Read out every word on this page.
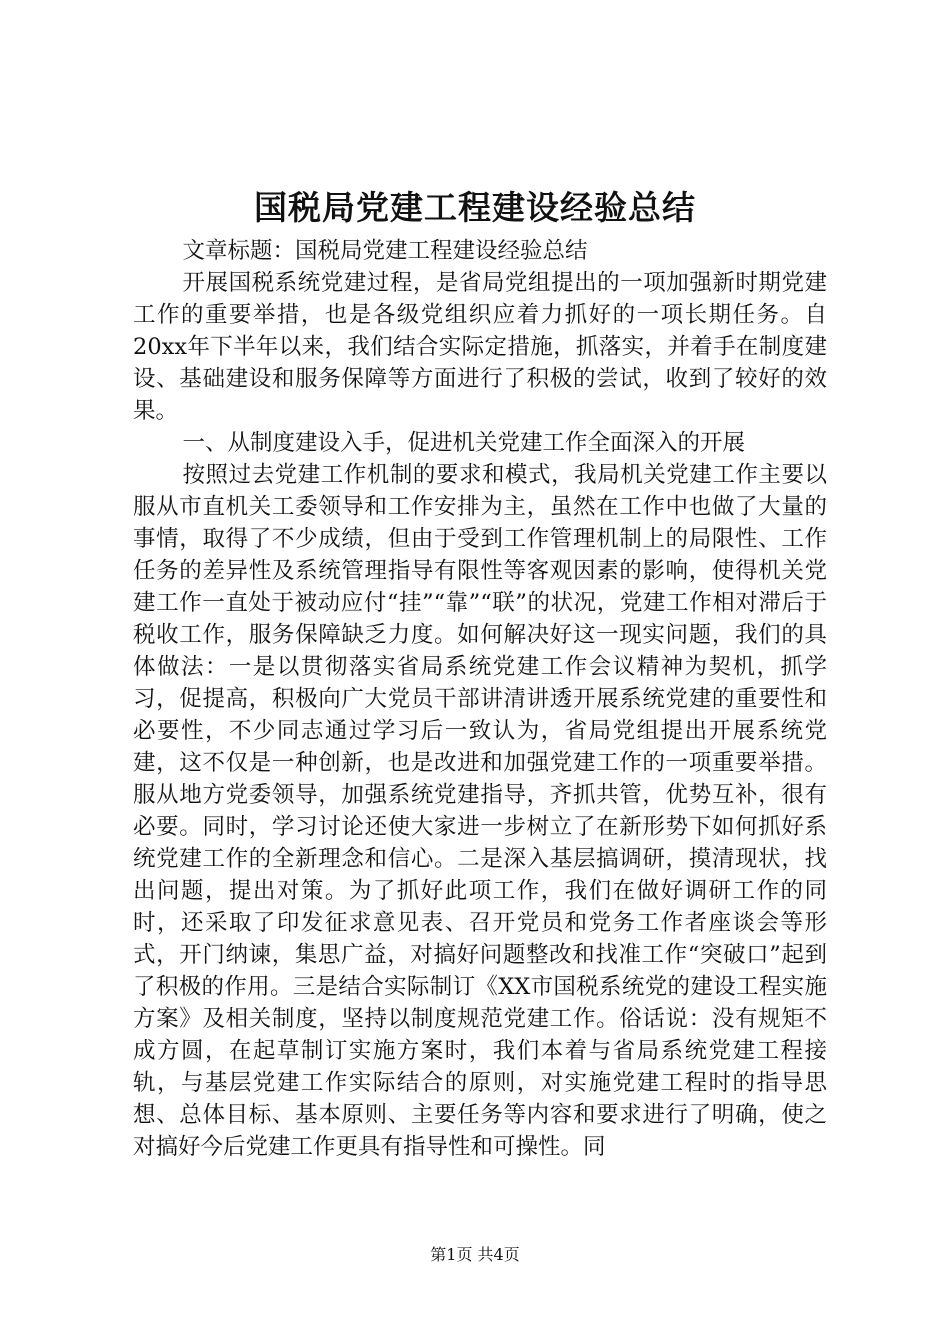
国税局党建工程建设经验总结

文章标题：国税局党建工程建设经验总结

开展国税系统党建过程，是省局党组提出的一项加强新时期党建工作的重要举措，也是各级党组织应着力抓好的一项长期任务。自20xx年下半年以来，我们结合实际定措施，抓落实，并着手在制度建设、基础建设和服务保障等方面进行了积极的尝试，收到了较好的效果。

一、从制度建设入手，促进机关党建工作全面深入的开展

按照过去党建工作机制的要求和模式，我局机关党建工作主要以服从市直机关工委领导和工作安排为主，虽然在工作中也做了大量的事情，取得了不少成绩，但由于受到工作管理机制上的局限性、工作任务的差异性及系统管理指导有限性等客观因素的影响，使得机关党建工作一直处于被动应付“挂”“靠”“联”的状况，党建工作相对滞后于税收工作，服务保障缺乏力度。如何解决好这一现实问题，我们的具体做法：一是以贯彻落实省局系统党建工作会议精神为契机，抓学习，促提高，积极向广大党员干部讲清讲透开展系统党建的重要性和必要性，不少同志通过学习后一致认为，省局党组提出开展系统党建，这不仅是一种创新，也是改进和加强党建工作的一项重要举措。服从地方党委领导，加强系统党建指导，齐抓共管，优势互补，很有必要。同时，学习讨论还使大家进一步树立了在新形势下如何抓好系统党建工作的全新理念和信心。二是深入基层搞调研，摸清现状，找出问题，提出对策。为了抓好此项工作，我们在做好调研工作的同时，还采取了印发征求意见表、召开党员和党务工作者座谈会等形式，开门纳谏，集思广益，对搞好问题整改和找准工作“突破口”起到了积极的作用。三是结合实际制订《XX市国税系统党的建设工程实施方案》及相关制度，坚持以制度规范党建工作。俗话说：没有规矩不成方圆，在起草制订实施方案时，我们本着与省局系统党建工程接轨，与基层党建工作实际结合的原则，对实施党建工程时的指导思想、总体目标、基本原则、主要任务等内容和要求进行了明确，使之对搞好今后党建工作更具有指导性和可操性。同

第1页 共4页
